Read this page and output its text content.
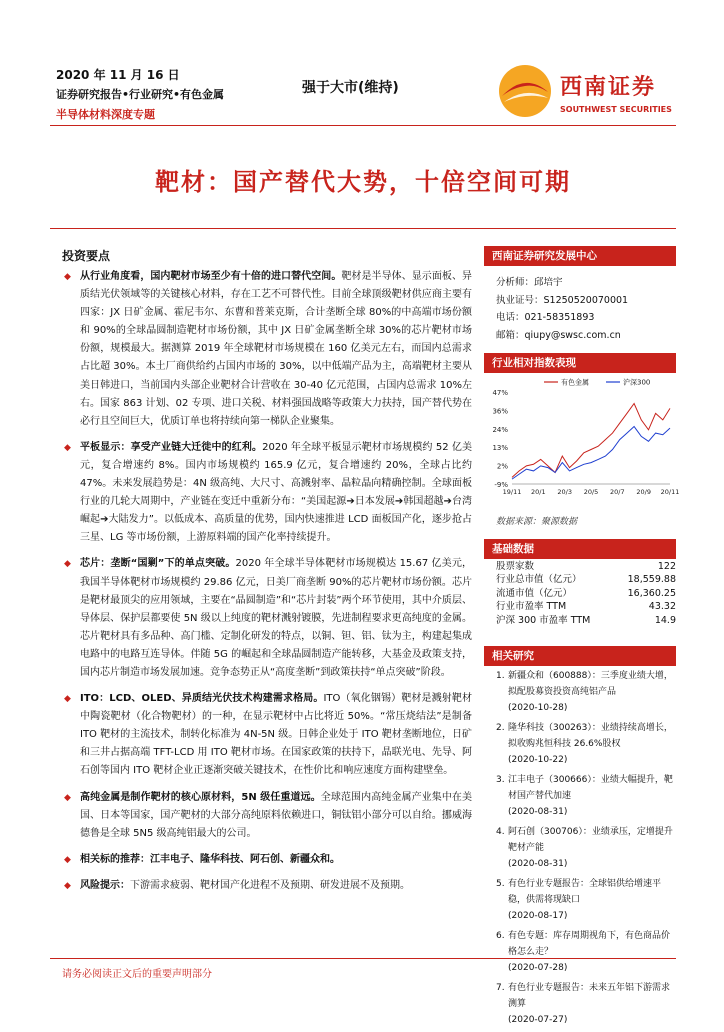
2020 年 11 月 16 日
证券研究报告•行业研究•有色金属
半导体材料深度专题
强于大市(维持)	西南证券
SOUTHWEST SECURITIES
靶材：国产替代大势，十倍空间可期
投资要点
◆ 从行业角度看，国内靶材市场至少有十倍的进口替代空间。靶材是半导体、显示面板、异质结光伏领域等的关键核心材料，存在工艺不可替代性。目前全球顶级靶材供应商主要有四家：JX 日矿金属、霍尼韦尔、东曹和普莱克斯，合计垄断全球 80%的中高端市场份额和 90%的全球晶圆制造靶材市场份额，其中 JX 日矿金属垄断全球 30%的芯片靶材市场份额，规模最大。据测算 2019 年全球靶材市场规模在 160 亿美元左右，而国内总需求占比超 30%。本土厂商供给约占国内市场的 30%，以中低端产品为主，高端靶材主要从美日韩进口，当前国内头部企业靶材合计营收在 30-40 亿元范围，占国内总需求 10%左右。国家 863 计划、02 专项、进口关税、材料强国战略等政策大力扶持，国产替代势在必行且空间巨大，优质订单也将持续向第一梯队企业聚集。
◆ 平板显示：享受产业链大迁徙中的红利。2020 年全球平板显示靶材市场规模约 52 亿美元，复合增速约 8%。国内市场规模约 165.9 亿元，复合增速约 20%，全球占比约 47%。未来发展趋势是：4N 级高纯、大尺寸、高溅射率、晶粒晶向精确控制。全球面板行业的几轮大周期中，产业链在变迁中重新分布：“美国起源➔日本发展➔韩国超越➔台湾崛起➔大陆发力”。以低成本、高质量的优势，国内快速推进 LCD 面板国产化，逐步抢占三星、LG 等市场份额，上游原料端的国产化率持续提升。
◆ 芯片：垄断“国剿”下的单点突破。2020 年全球半导体靶材市场规模达 15.67 亿美元，我国半导体靶材市场规模约 29.86 亿元，日美厂商垄断 90%的芯片靶材市场份额。芯片是靶材最顶尖的应用领域，主要在“晶圆制造”和“芯片封装”两个环节使用，其中介质层、导体层、保护层都要使 5N 级以上纯度的靶材溅射镀膜，先进制程要求更高纯度的金属。芯片靶材具有多品种、高门槛、定制化研发的特点，以铜、钽、铝、钛为主，构建起集成电路中的电路互连导体。伴随 5G 的崛起和全球晶圆制造产能转移，大基金及政策支持，国内芯片制造市场发展加速。竞争态势正从“高度垄断”到政策扶持“单点突破”阶段。
◆ ITO：LCD、OLED、异质结光伏技术构建需求格局。ITO（氧化铟锡）靶材是溅射靶材中陶瓷靶材（化合物靶材）的一种，在显示靶材中占比将近 50%。“常压烧结法”是制备 ITO 靶材的主流技术，制转化标准为 4N-5N 级。日韩企业处于 ITO 靶材垄断地位，日矿和三井占据高端 TFT-LCD 用 ITO 靶材市场。在国家政策的扶持下，晶联光电、先导、阿石创等国内 ITO 靶材企业正逐渐突破关键技术，在性价比和响应速度方面构建壁垒。
◆ 高纯金属是制作靶材的核心原材料，5N 级任重道远。全球范围内高纯金属产业集中在美国、日本等国家，国产靶材的大部分高纯原料依赖进口，铜钛铝小部分可以自给。挪威海德鲁是全球 5N5 级高纯铝最大的公司。
◆ 相关标的推荐：江丰电子、隆华科技、阿石创、新疆众和。
◆ 风险提示：下游需求疲弱、靶材国产化进程不及预期、研发进展不及预期。
西南证券研究发展中心
分析师：邱培宇
执业证号：S1250520070001
电话：021-58351893
邮箱：qiupy@swsc.com.cn
行业相对指数表现
47%
36%
24%
13%
2%
-9%
19/11 20/1 20/3 20/5 20/7 20/9 20/11
有色金属	沪深300
数据来源：聚源数据
基础数据
股票家数	122
行业总市值（亿元）	18,559.88
流通市值（亿元）	16,360.25
行业市盈率 TTM	43.32
沪深 300 市盈率 TTM	14.9
相关研究
1. 新疆众和（600888）：三季度业绩大增，拟配股募资投资高纯铝产品
(2020-10-28)
2. 隆华科技（300263）：业绩持续高增长，拟收购兆恒科技 26.6%股权
(2020-10-22)
3. 江丰电子（300666）：业绩大幅提升，靶材国产替代加速
(2020-08-31)
4. 阿石创（300706）：业绩承压，定增提升靶材产能
(2020-08-31)
5. 有色行业专题报告：全球铝供给增速平稳，供需将现缺口
(2020-08-17)
6. 有色专题：库存周期视角下，有色商品价格怎么走？
(2020-07-28)
7. 有色行业专题报告：未来五年铝下游需求测算
(2020-07-27)
请务必阅读正文后的重要声明部分
